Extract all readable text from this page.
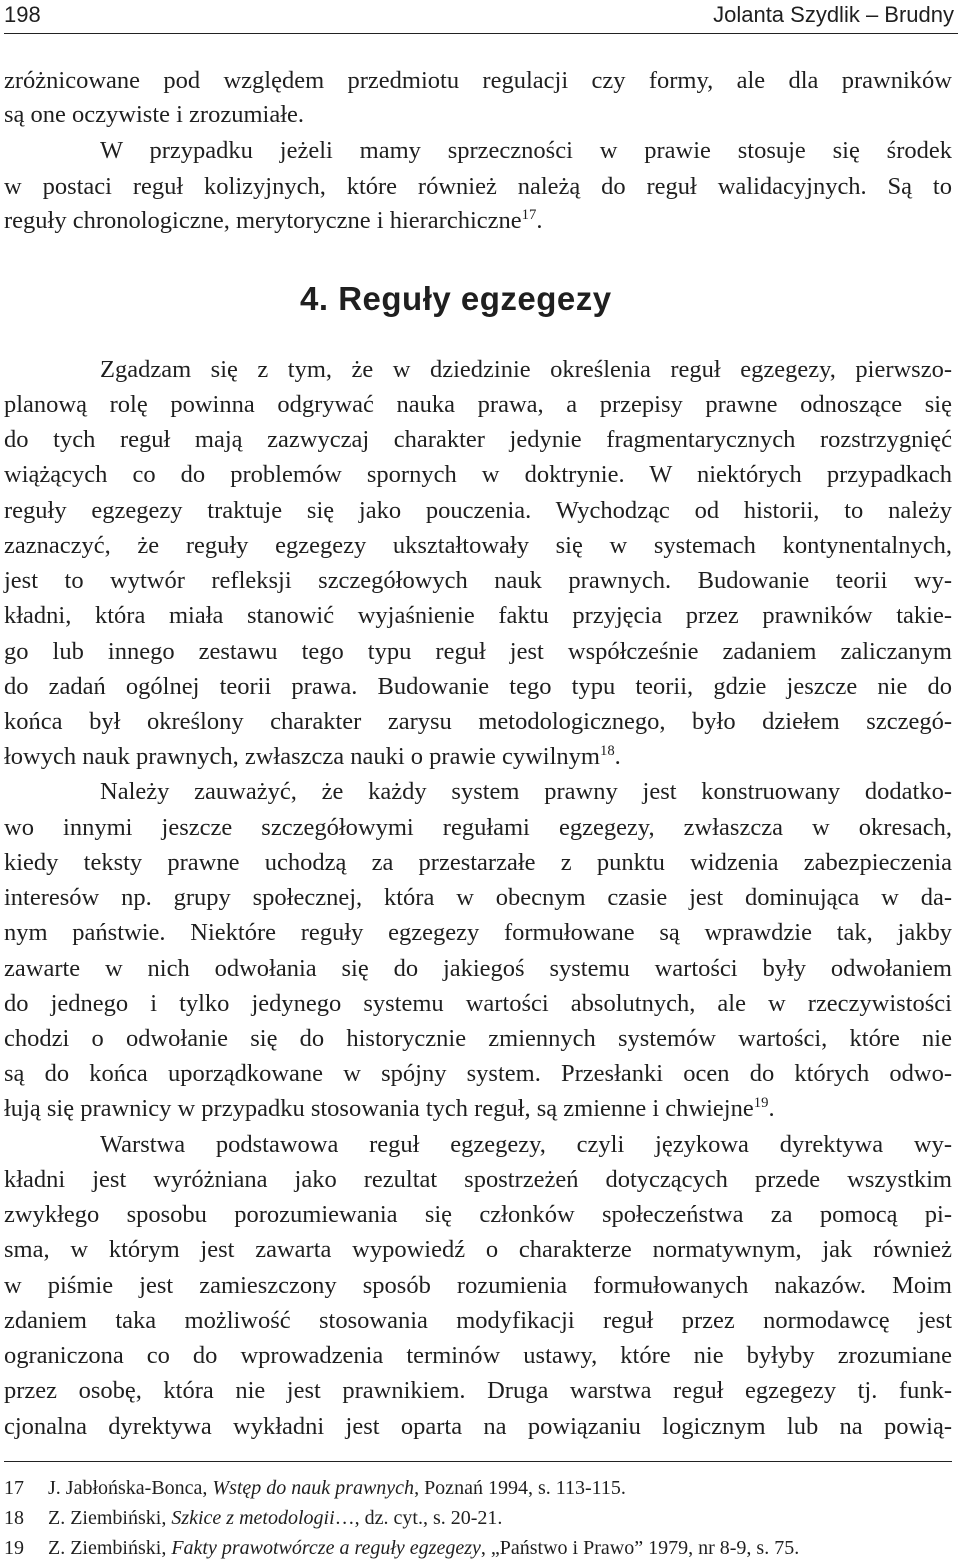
198	Jolanta Szydlik – Brudny
zróżnicowane pod względem przedmiotu regulacji czy formy, ale dla prawników
są one oczywiste i zrozumiałe.
W przypadku jeżeli mamy sprzeczności w prawie stosuje się środek
w postaci reguł kolizyjnych, które również należą do reguł walidacyjnych. Są to
reguły chronologiczne, merytoryczne i hierarchiczne$^{17}$.
4. Reguły egzegezy
Zgadzam się z tym, że w dziedzinie określenia reguł egzegezy, pierwszo-
planową rolę powinna odgrywać nauka prawa, a przepisy prawne odnoszące się
do tych reguł mają zazwyczaj charakter jedynie fragmentarycznych rozstrzygnięć
wiążących co do problemów spornych w doktrynie. W niektórych przypadkach
reguły egzegezy traktuje się jako pouczenia. Wychodząc od historii, to należy
zaznaczyć, że reguły egzegezy ukształtowały się w systemach kontynentalnych,
jest to wytwór refleksji szczegółowych nauk prawnych. Budowanie teorii wy-
kładni, która miała stanowić wyjaśnienie faktu przyjęcia przez prawników takie-
go lub innego zestawu tego typu reguł jest współcześnie zadaniem zaliczanym
do zadań ogólnej teorii prawa. Budowanie tego typu teorii, gdzie jeszcze nie do
końca był określony charakter zarysu metodologicznego, było dziełem szczegó-
łowych nauk prawnych, zwłaszcza nauki o prawie cywilnym$^{18}$.
Należy zauważyć, że każdy system prawny jest konstruowany dodatko-
wo innymi jeszcze szczegółowymi regułami egzegezy, zwłaszcza w okresach,
kiedy teksty prawne uchodzą za przestarzałe z punktu widzenia zabezpieczenia
interesów np. grupy społecznej, która w obecnym czasie jest dominująca w da-
nym państwie. Niektóre reguły egzegezy formułowane są wprawdzie tak, jakby
zawarte w nich odwołania się do jakiegoś systemu wartości były odwołaniem
do jednego i tylko jedynego systemu wartości absolutnych, ale w rzeczywistości
chodzi o odwołanie się do historycznie zmiennych systemów wartości, które nie
są do końca uporządkowane w spójny system. Przesłanki ocen do których odwo-
łują się prawnicy w przypadku stosowania tych reguł, są zmienne i chwiejne$^{19}$.
Warstwa podstawowa reguł egzegezy, czyli językowa dyrektywa wy-
kładni jest wyróżniana jako rezultat spostrzeżeń dotyczących przede wszystkim
zwykłego sposobu porozumiewania się członków społeczeństwa za pomocą pi-
sma, w którym jest zawarta wypowiedź o charakterze normatywnym, jak również
w piśmie jest zamieszczony sposób rozumienia formułowanych nakazów. Moim
zdaniem taka możliwość stosowania modyfikacji reguł przez normodawcę jest
ograniczona co do wprowadzenia terminów ustawy, które nie byłyby zrozumiane
przez osobę, która nie jest prawnikiem. Druga warstwa reguł egzegezy tj. funk-
cjonalna dyrektywa wykładni jest oparta na powiązaniu logicznym lub na powią-
17 J. Jabłońska-Bonca, Wstęp do nauk prawnych, Poznań 1994, s. 113-115.
18 Z. Ziembiński, Szkice z metodologii…, dz. cyt., s. 20-21.
19 Z. Ziembiński, Fakty prawotwórcze a reguły egzegezy, „Państwo i Prawo” 1979, nr 8-9, s. 75.
